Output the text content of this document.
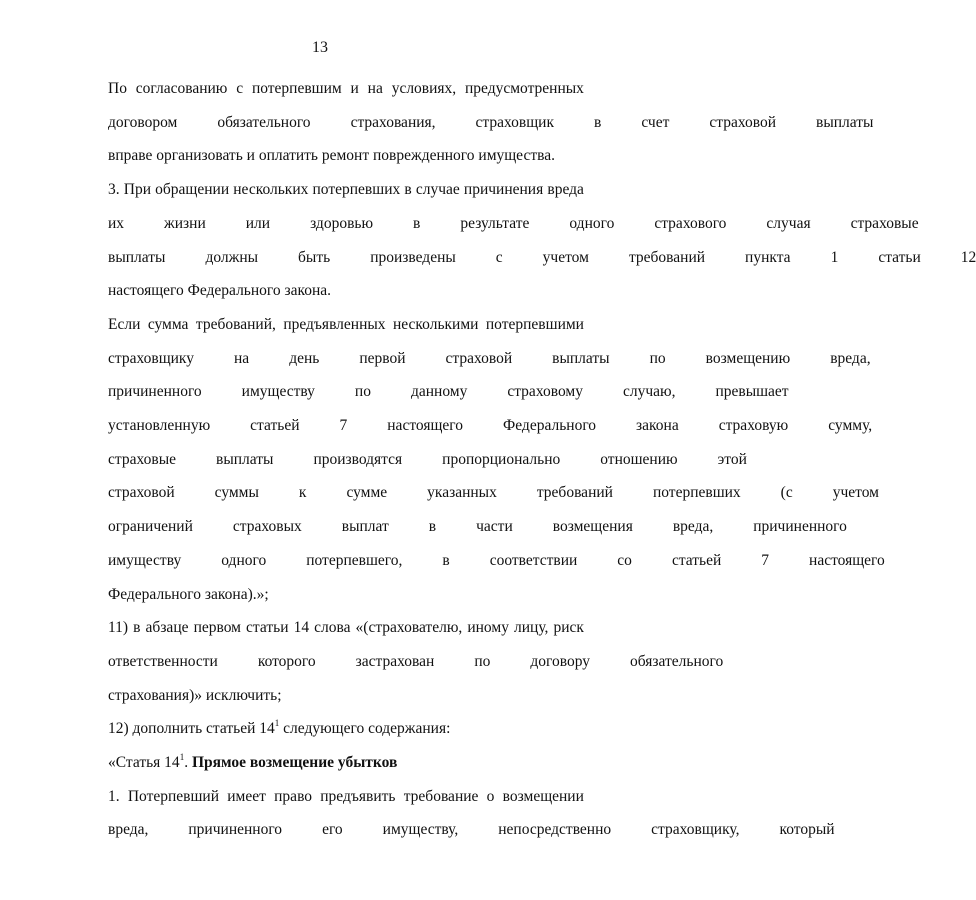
13
По согласованию с потерпевшим и на условиях, предусмотренных
договором	обязательного	страхования,	страховщик	в	счет	страховой	выплаты
вправе организовать и оплатить ремонт поврежденного имущества.
3. При обращении нескольких потерпевших в случае причинения вреда
их	жизни	или	здоровью	в	результате	одного	страхового	случая	страховые
выплаты	должны	быть	произведены	с	учетом	требований	пункта	1	статьи	12
настоящего Федерального закона.
Если сумма требований, предъявленных несколькими потерпевшими
страховщику	на	день	первой	страховой	выплаты	по	возмещению	вреда,
причиненного	имуществу	по	данному	страховому	случаю,	превышает
установленную	статьей	7	настоящего	Федерального	закона	страховую	сумму,
страховые	выплаты	производятся	пропорционально	отношению	этой
страховой	суммы	к	сумме	указанных	требований	потерпевших	(с	учетом
ограничений	страховых	выплат	в	части	возмещения	вреда,	причиненного
имуществу	одного	потерпевшего,	в	соответствии	со	статьей	7	настоящего
Федерального закона).»;
11) в абзаце первом статьи 14 слова «(страхователю, иному лицу, риск
ответственности	которого	застрахован	по	договору	обязательного
страхования)» исключить;
12) дополнить статьей $14^1$ следующего содержания:
«Статья $14^1$. Прямое возмещение убытков
1. Потерпевший имеет право предъявить требование о возмещении
вреда,	причиненного	его	имуществу,	непосредственно	страховщику,	который
